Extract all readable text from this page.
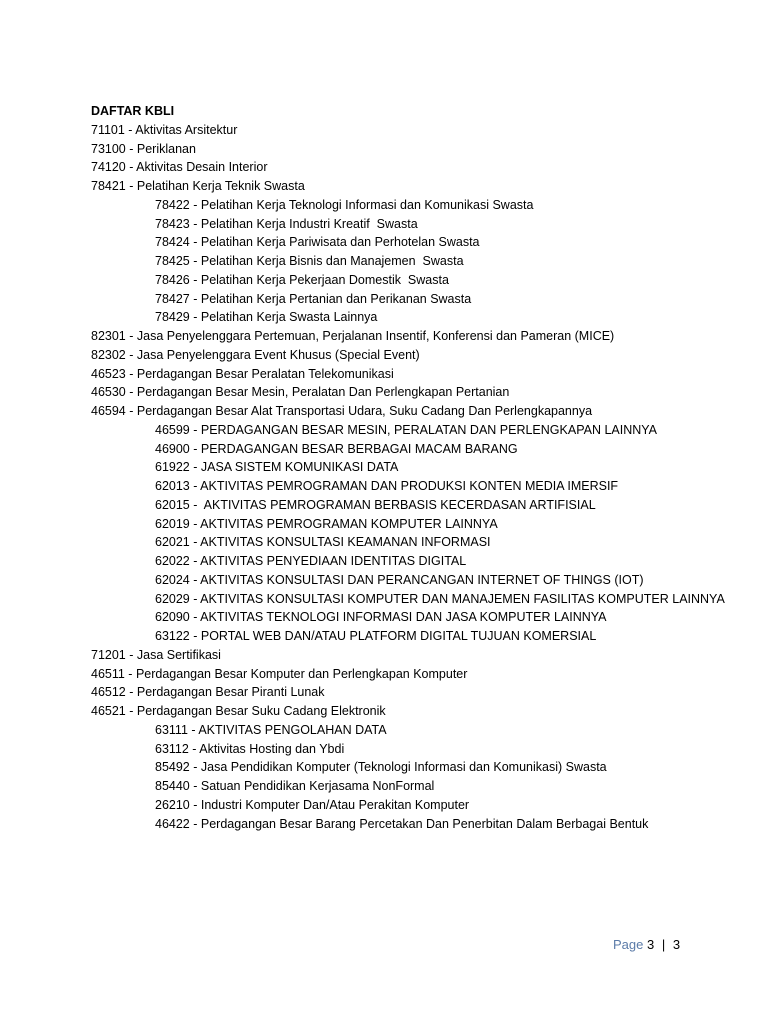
DAFTAR KBLI
71101 - Aktivitas Arsitektur
73100 - Periklanan
74120 - Aktivitas Desain Interior
78421 - Pelatihan Kerja Teknik Swasta
78422 - Pelatihan Kerja Teknologi Informasi dan Komunikasi Swasta
78423 - Pelatihan Kerja Industri Kreatif  Swasta
78424 - Pelatihan Kerja Pariwisata dan Perhotelan Swasta
78425 - Pelatihan Kerja Bisnis dan Manajemen  Swasta
78426 - Pelatihan Kerja Pekerjaan Domestik  Swasta
78427 - Pelatihan Kerja Pertanian dan Perikanan Swasta
78429 - Pelatihan Kerja Swasta Lainnya
82301 - Jasa Penyelenggara Pertemuan, Perjalanan Insentif, Konferensi dan Pameran (MICE)
82302 - Jasa Penyelenggara Event Khusus (Special Event)
46523 - Perdagangan Besar Peralatan Telekomunikasi
46530 - Perdagangan Besar Mesin, Peralatan Dan Perlengkapan Pertanian
46594 - Perdagangan Besar Alat Transportasi Udara, Suku Cadang Dan Perlengkapannya
46599 - PERDAGANGAN BESAR MESIN, PERALATAN DAN PERLENGKAPAN LAINNYA
46900 - PERDAGANGAN BESAR BERBAGAI MACAM BARANG
61922 - JASA SISTEM KOMUNIKASI DATA
62013 - AKTIVITAS PEMROGRAMAN DAN PRODUKSI KONTEN MEDIA IMERSIF
62015 -  AKTIVITAS PEMROGRAMAN BERBASIS KECERDASAN ARTIFISIAL
62019 - AKTIVITAS PEMROGRAMAN KOMPUTER LAINNYA
62021 - AKTIVITAS KONSULTASI KEAMANAN INFORMASI
62022 - AKTIVITAS PENYEDIAAN IDENTITAS DIGITAL
62024 - AKTIVITAS KONSULTASI DAN PERANCANGAN INTERNET OF THINGS (IOT)
62029 - AKTIVITAS KONSULTASI KOMPUTER DAN MANAJEMEN FASILITAS KOMPUTER LAINNYA
62090 - AKTIVITAS TEKNOLOGI INFORMASI DAN JASA KOMPUTER LAINNYA
63122 - PORTAL WEB DAN/ATAU PLATFORM DIGITAL TUJUAN KOMERSIAL
71201 - Jasa Sertifikasi
46511 - Perdagangan Besar Komputer dan Perlengkapan Komputer
46512 - Perdagangan Besar Piranti Lunak
46521 - Perdagangan Besar Suku Cadang Elektronik
63111 - AKTIVITAS PENGOLAHAN DATA
63112 - Aktivitas Hosting dan Ybdi
85492 - Jasa Pendidikan Komputer (Teknologi Informasi dan Komunikasi) Swasta
85440 - Satuan Pendidikan Kerjasama NonFormal
26210 - Industri Komputer Dan/Atau Perakitan Komputer
46422 - Perdagangan Besar Barang Percetakan Dan Penerbitan Dalam Berbagai Bentuk
Page 3 | 3
